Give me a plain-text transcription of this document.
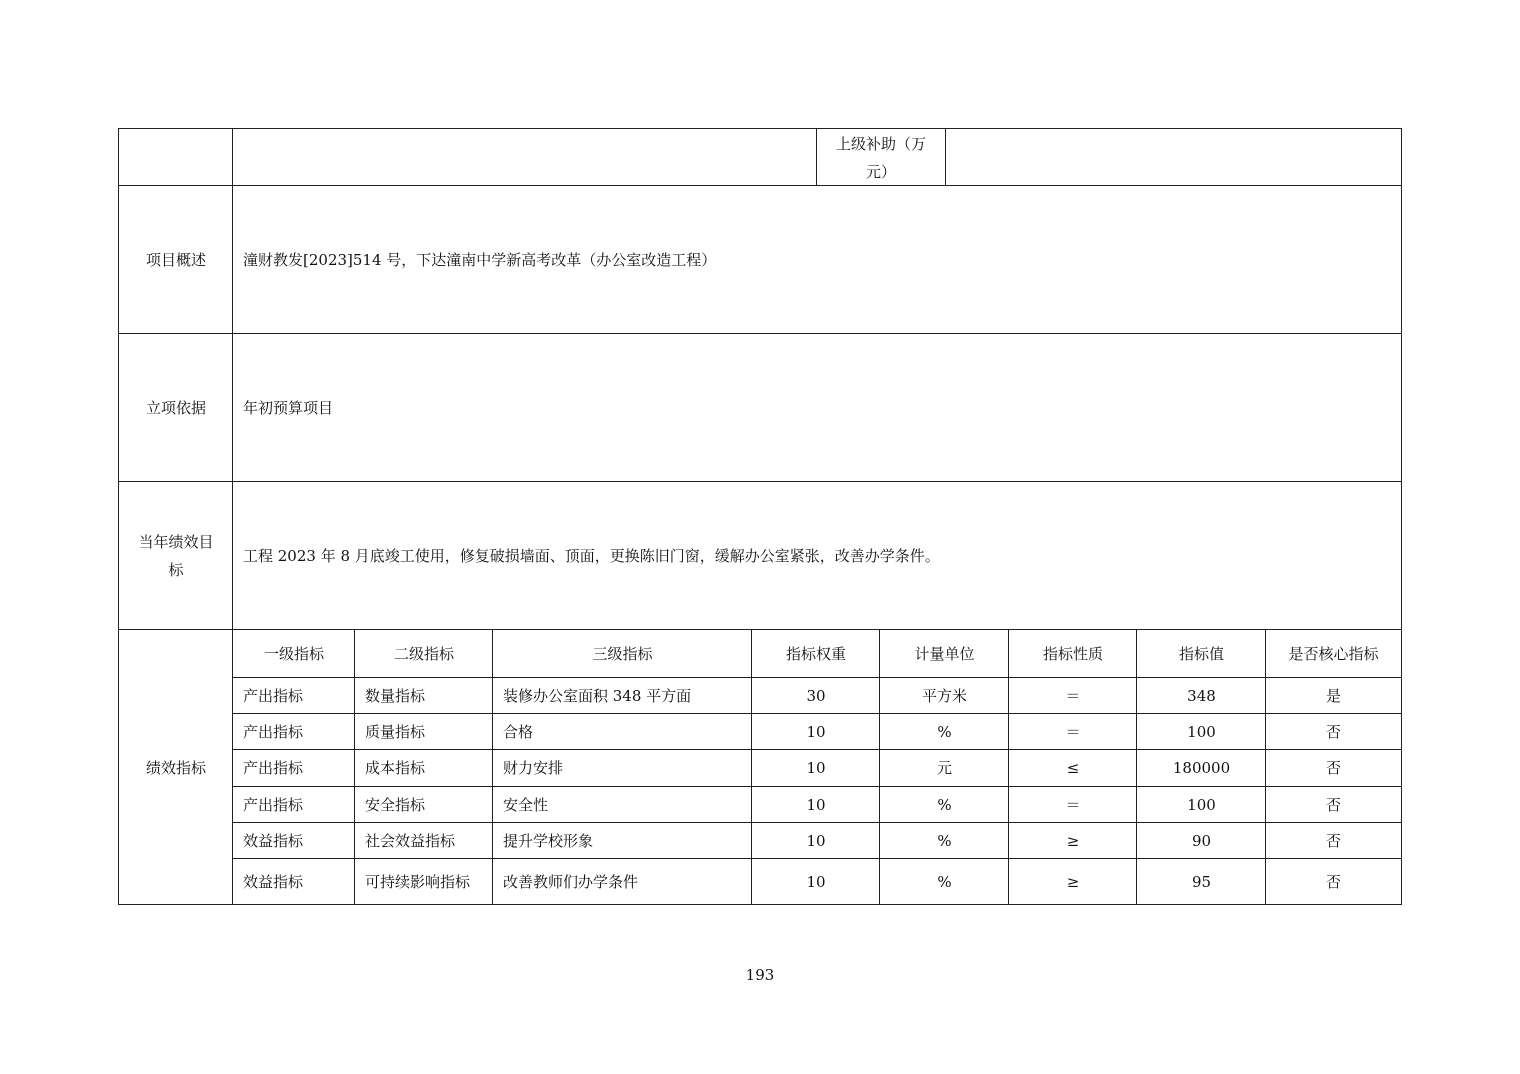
上级补助（万元）
项目概述 潼财教发[2023]514 号，下达潼南中学新高考改革（办公室改造工程）
立项依据 年初预算项目
当年绩效目标
工程 2023 年 8 月底竣工使用，修复破损墙面、顶面，更换陈旧门窗，缓解办公室紧张，改善办学条件。
绩效指标
一级指标	二级指标	三级指标	指标权重	计量单位	指标性质	指标值	是否核心指标
产出指标	数量指标	装修办公室面积 348 平方面	30	平方米	＝	348	是
产出指标	质量指标	合格	10	%	＝	100	否
产出指标	成本指标	财力安排	10	元	≤	180000	否
产出指标	安全指标	安全性	10	%	＝	100	否
效益指标	社会效益指标	提升学校形象	10	%	≥	90	否
效益指标	可持续影响指标 改善教师们办学条件	10	%	≥	95	否
193
